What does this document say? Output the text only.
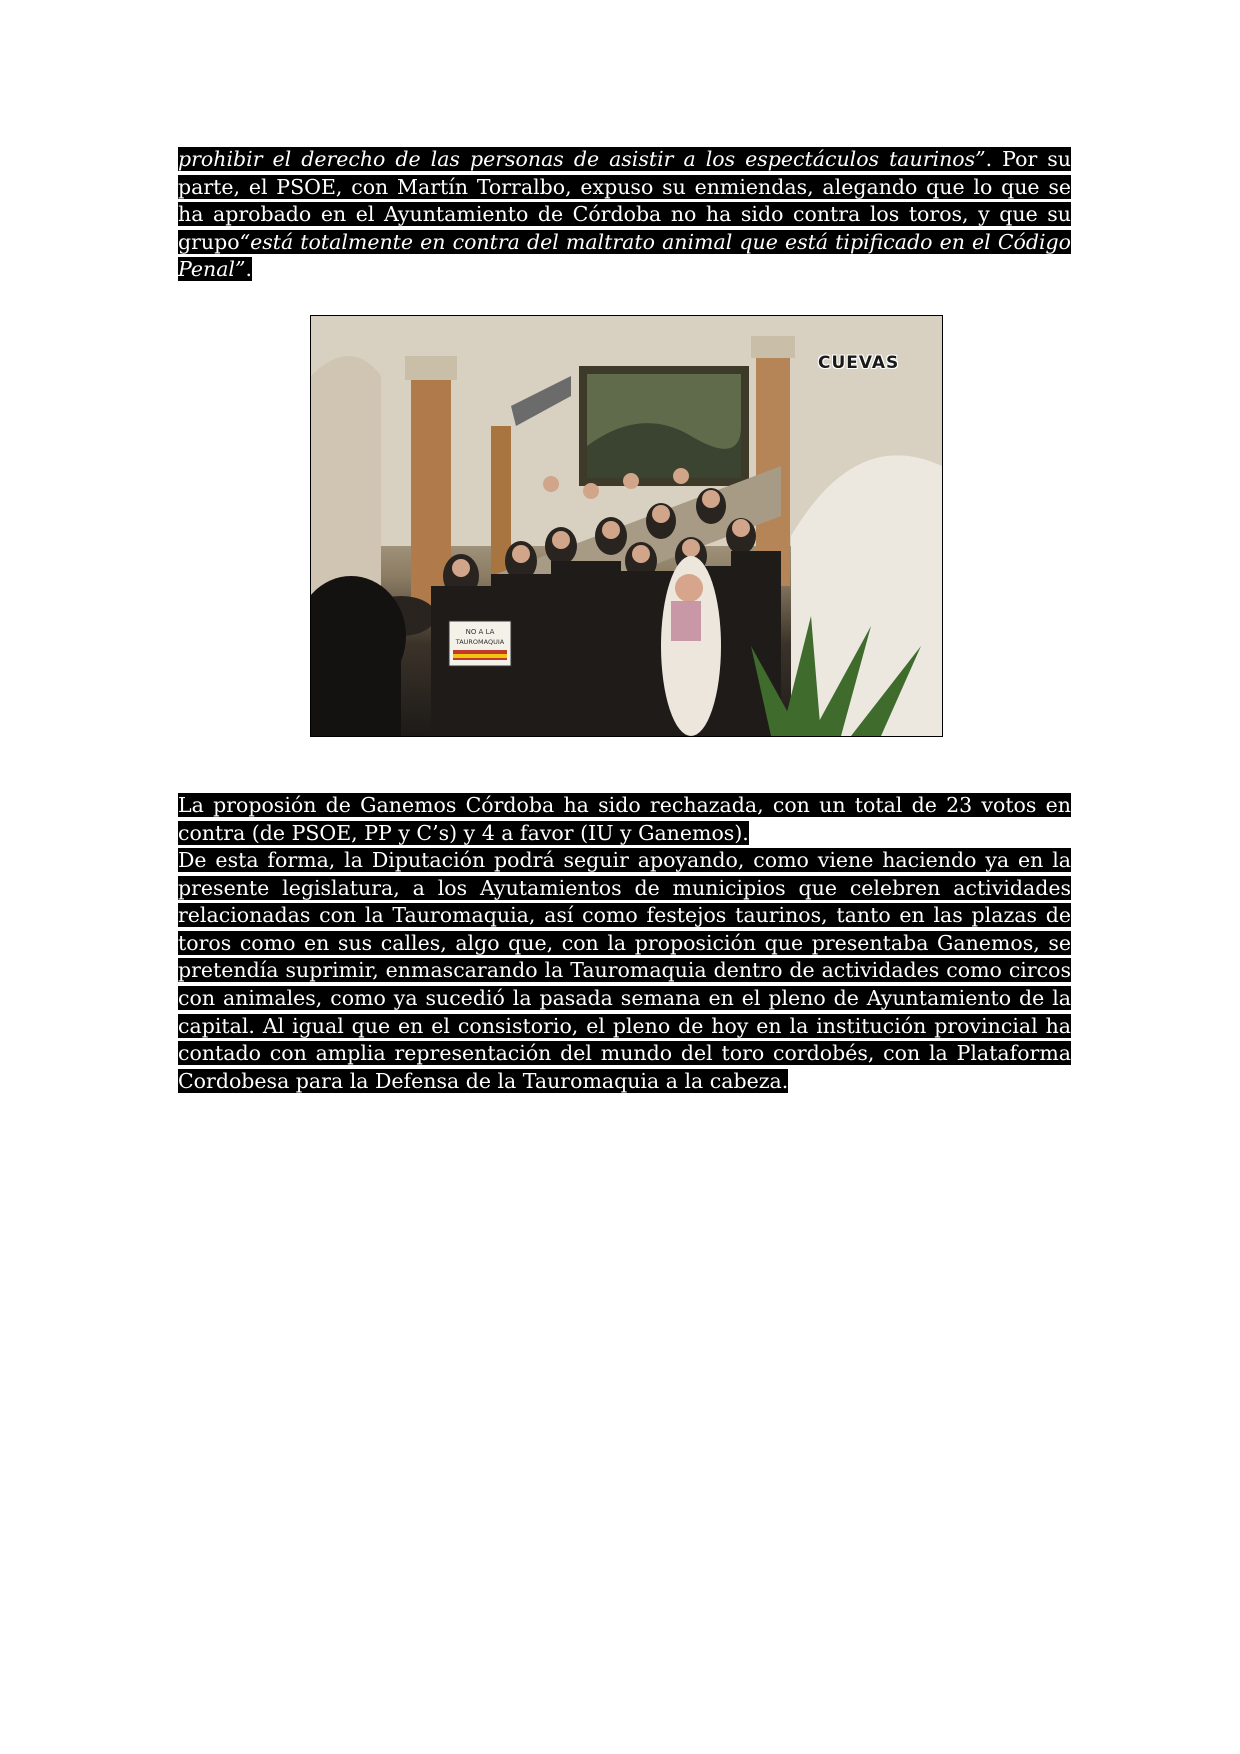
prohibir el derecho de las personas de asistir a los espectáculos taurinos”. Por su parte, el PSOE, con Martín Torralbo, expuso su enmiendas, alegando que lo que se ha aprobado en el Ayuntamiento de Córdoba no ha sido contra los toros, y que su grupo“está totalmente en contra del maltrato animal que está tipificado en el Código Penal”.
NO A LA
TAUROMAQUIA
CUEVAS
La proposión de Ganemos Córdoba ha sido rechazada, con un total de 23 votos en contra (de PSOE, PP y C’s) y 4 a favor (IU y Ganemos).
De esta forma, la Diputación podrá seguir apoyando, como viene haciendo ya en la presente legislatura, a los Ayutamientos de municipios que celebren actividades relacionadas con la Tauromaquia, así como festejos taurinos, tanto en las plazas de toros como en sus calles, algo que, con la proposición que presentaba Ganemos, se pretendía suprimir, enmascarando la Tauromaquia dentro de actividades como circos con animales, como ya sucedió la pasada semana en el pleno de Ayuntamiento de la capital. Al igual que en el consistorio, el pleno de hoy en la institución provincial ha contado con amplia representación del mundo del toro cordobés, con la Plataforma Cordobesa para la Defensa de la Tauromaquia a la cabeza.
